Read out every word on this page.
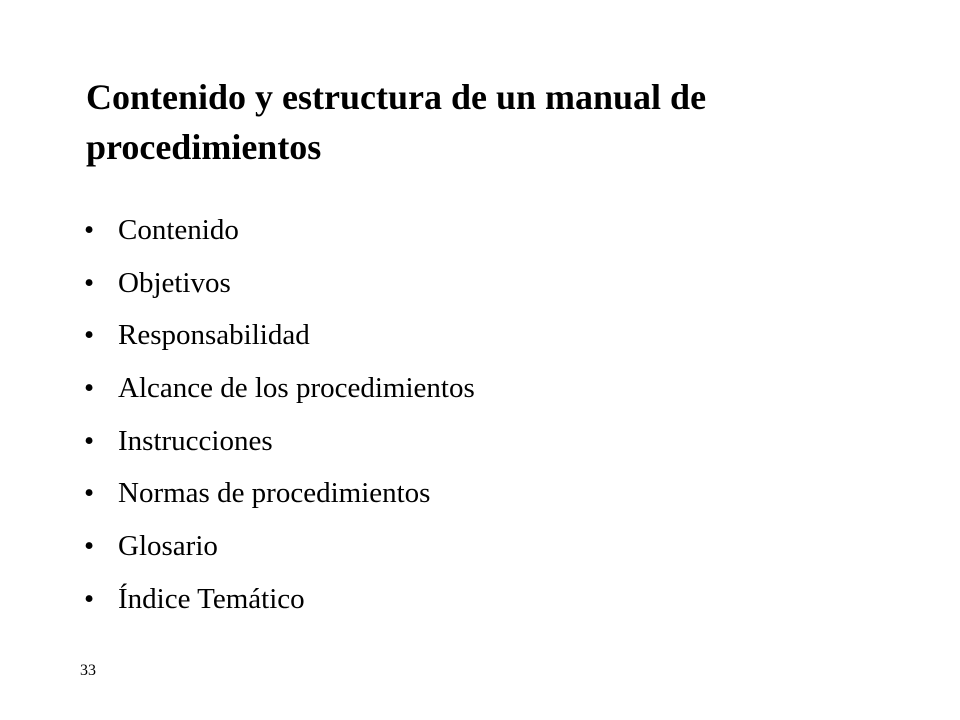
Contenido y estructura de un manual de procedimientos
• Contenido
• Objetivos
• Responsabilidad
• Alcance de los procedimientos
• Instrucciones
• Normas de procedimientos
• Glosario
• Índice Temático
33
